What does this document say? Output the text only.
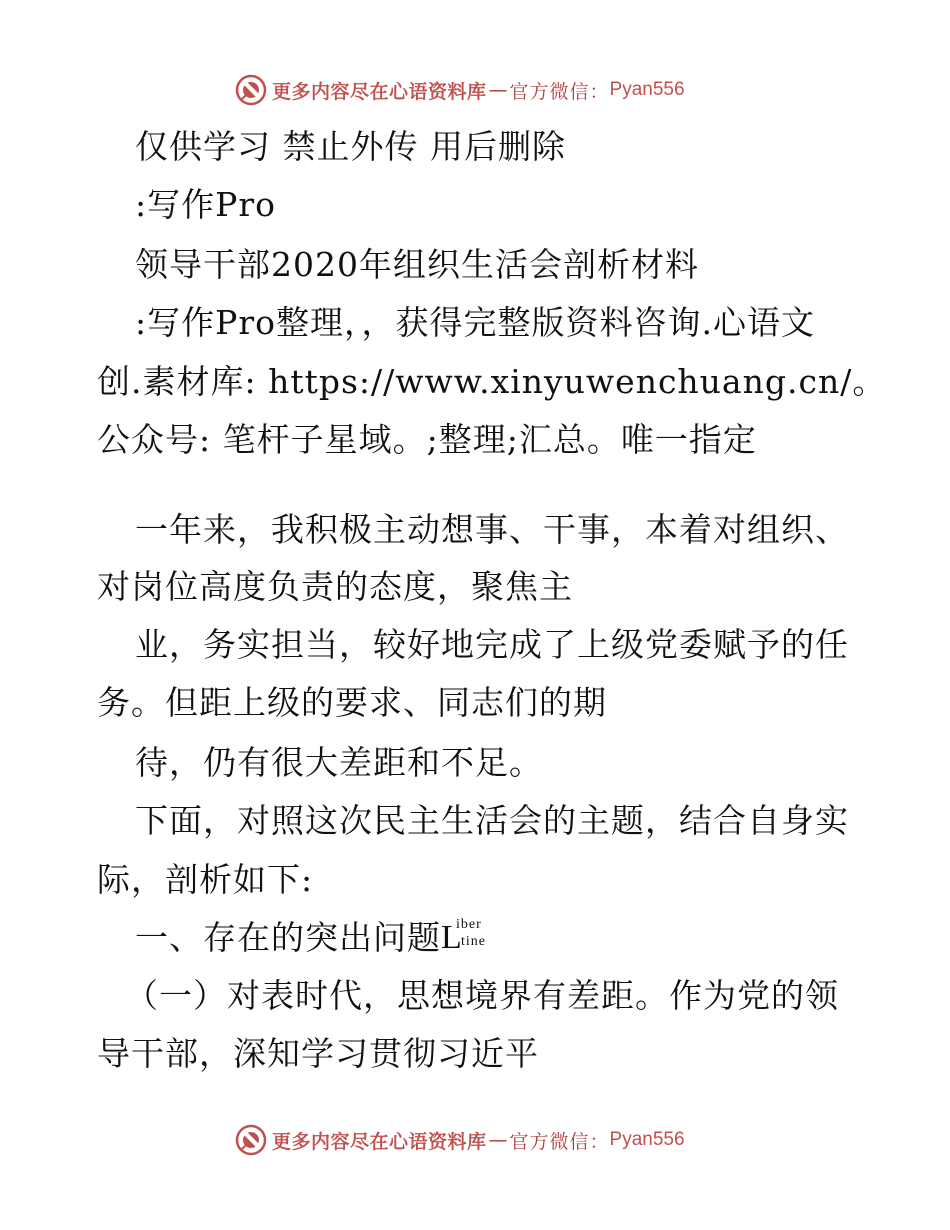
更多内容尽在心语资料库 — 官方微信： Pyan556
仅供学习 禁止外传 用后删除
:写作Pro
领导干部2020年组织生活会剖析材料
:写作Pro整理，，获得完整版资料咨询.心语文
创.素材库: https://www.xinyuwenchuang.cn/。
公众号: 笔杆子星域。;整理;汇总。唯一指定
一年来，我积极主动想事、干事，本着对组织、
对岗位高度负责的态度，聚焦主
业，务实担当，较好地完成了上级党委赋予的任
务。但距上级的要求、同志们的期
待，仍有很大差距和不足。
下面，对照这次民主生活会的主题，结合自身实
际，剖析如下:
一、存在的突出问题 L
iber
tine
（一）对表时代，思想境界有差距。作为党的领
导干部，深知学习贯彻习近平
更多内容尽在心语资料库 — 官方微信： Pyan556
